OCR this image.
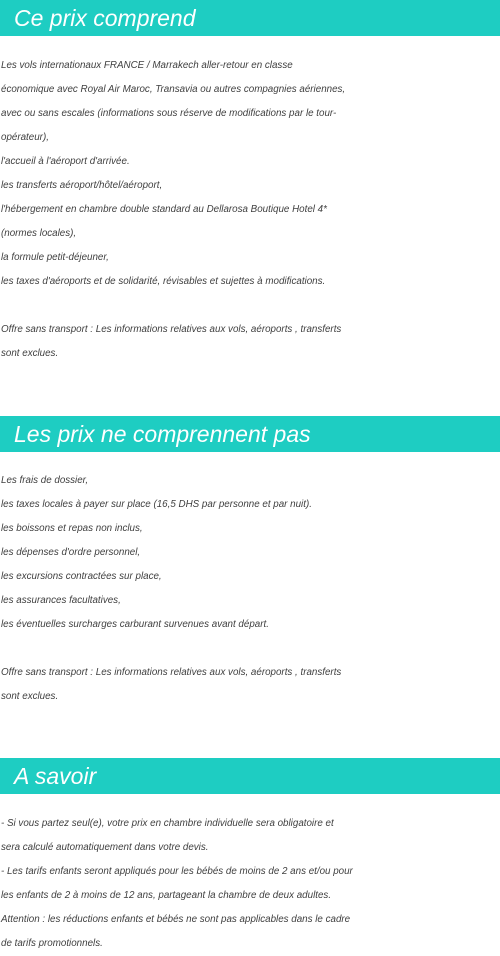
Ce prix comprend
Les vols internationaux FRANCE / Marrakech aller-retour en classe
économique avec Royal Air Maroc, Transavia ou autres compagnies aériennes,
avec ou sans escales (informations sous réserve de modifications par le tour-
opérateur),
l'accueil à l'aéroport d'arrivée.
les transferts aéroport/hôtel/aéroport,
l'hébergement en chambre double standard au Dellarosa Boutique Hotel 4*
(normes locales),
la formule petit-déjeuner,
les taxes d'aéroports et de solidarité, révisables et sujettes à modifications.
Offre sans transport : Les informations relatives aux vols, aéroports , transferts
sont exclues.
Les prix ne comprennent pas
Les frais de dossier,
les taxes locales à payer sur place (16,5 DHS par personne et par nuit).
les boissons et repas non inclus,
les dépenses d'ordre personnel,
les excursions contractées sur place,
les assurances facultatives,
les éventuelles surcharges carburant survenues avant départ.
Offre sans transport : Les informations relatives aux vols, aéroports , transferts
sont exclues.
A savoir
- Si vous partez seul(e), votre prix en chambre individuelle sera obligatoire et
sera calculé automatiquement dans votre devis.
- Les tarifs enfants seront appliqués pour les bébés de moins de 2 ans et/ou pour
les enfants de 2 à moins de 12 ans, partageant la chambre de deux adultes.
Attention : les réductions enfants et bébés ne sont pas applicables dans le cadre
de tarifs promotionnels.
